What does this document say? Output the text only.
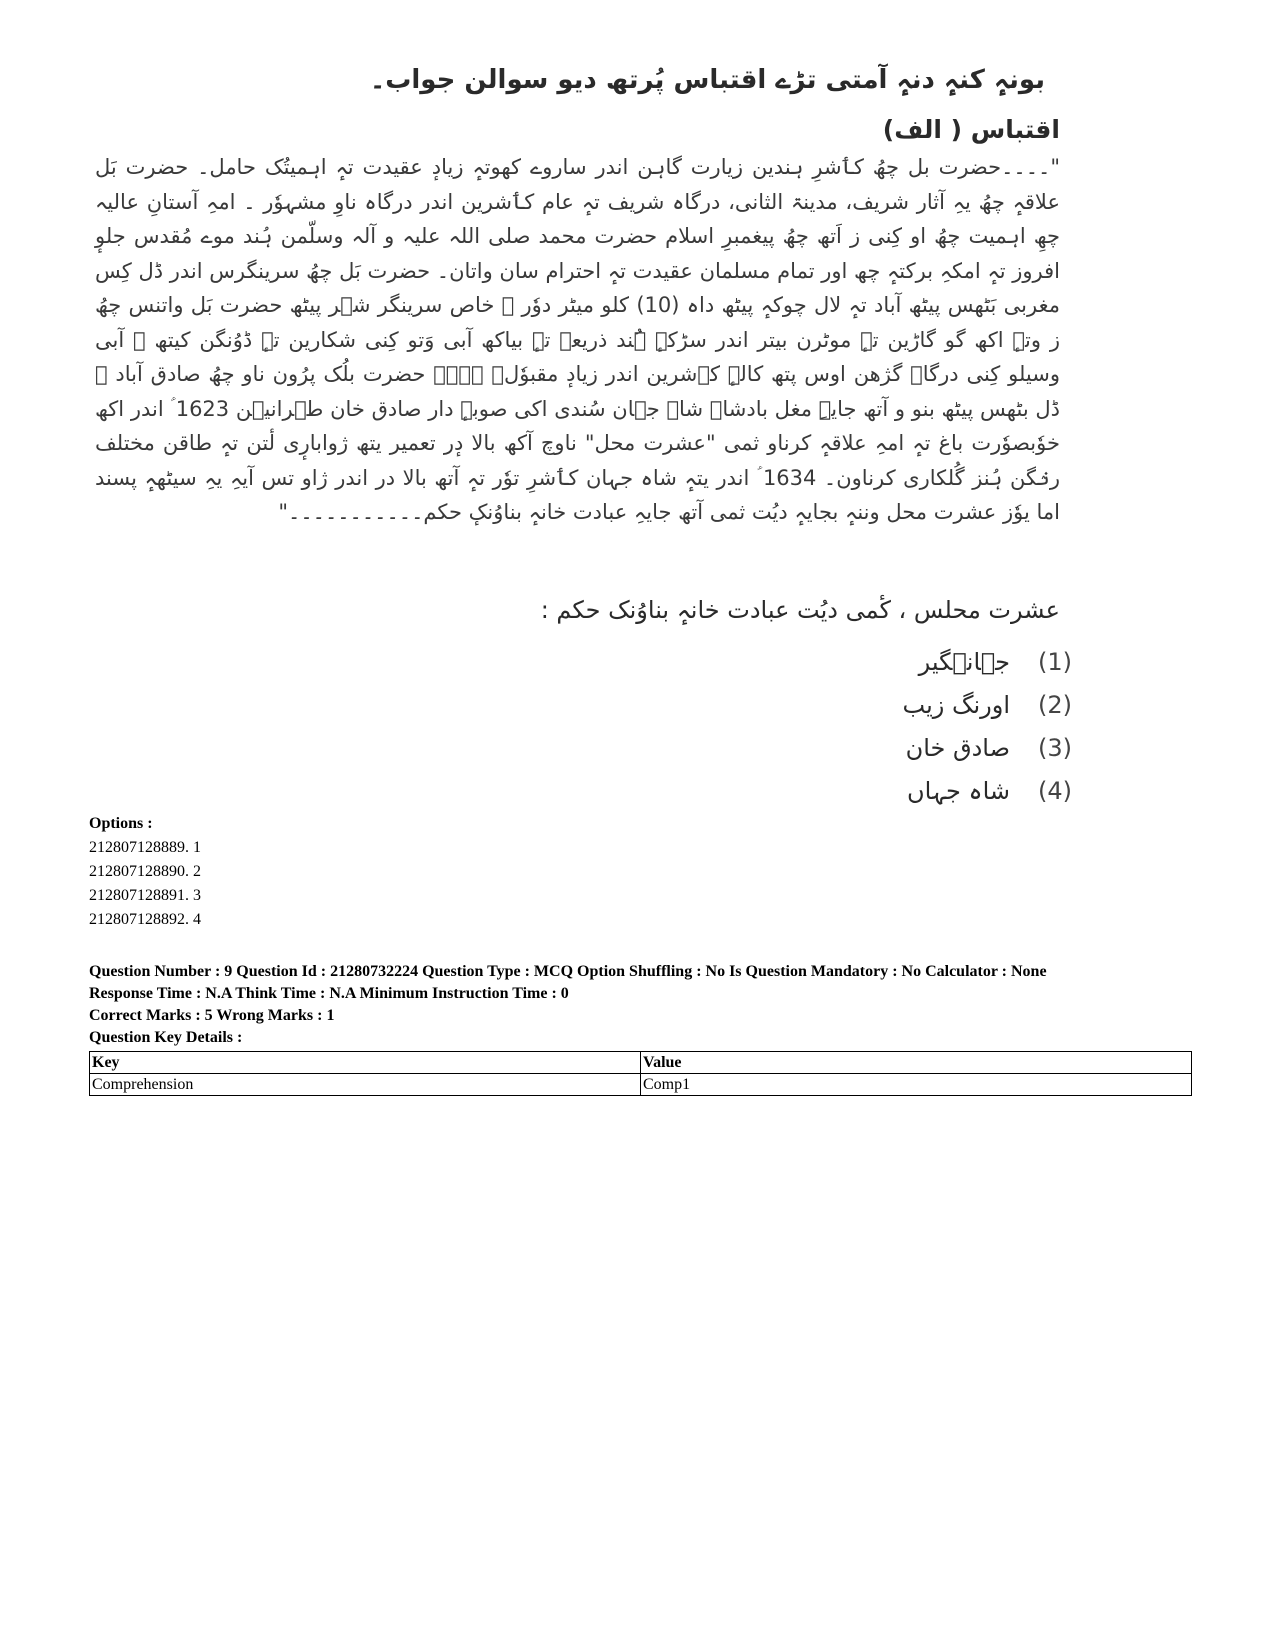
بونہٕ کنہٕ دنہٕ آمتی تڑے اقتباس پُرتھ دیو سوالن جواب۔
اقتباس ( الف)
"۔۔۔۔حضرت بل چھُ کٲشرِ ہندین زیارت گاہن اندر ساروے کھوتہٕ زیادٕ عقیدت تہٕ اہمیتُک حامل۔ حضرت بَل علاقہٕ چھُ یہِ آثار شریف، مدینۃ الثانی، درگاہ شریف تہٕ عام کٲشرین اندر درگاہ ناوِ مشہوٗر ۔ امہِ آستانِ عالیہ چھِ اہمیت چھُ او کِنی ز اَتھ چھُ پیغمبرِ اسلام حضرت محمد صلی اللہ علیہ و آلہ وسلّمن ہُند موے مُقدس جلوٕ افروز تہٕ امکہِ برکتہٕ چھ اور تمام مسلمان عقیدت تہٕ احترام سان واتان۔ حضرت بَل چھُ سرینگرس اندر ڈل کِس مغربی بَٹھس پیٹھ آباد تہٕ لال چوکہٕ پیٹھ داہ (10) کلو میٹر دوٗر ۔ خاص سرینگر شہر پیٹھ حضرت بَل واتنس چھُ ز وتہٕ اکھ گو گاڑین تہٕ موٹرن بیتر اندر سڑکہٕ ہُند ذریعہ تہٕ بیاکھ آبی وَتو کِنی شکارین تہٕ ڈوُنگن کیتھ ۔ آبی وسیلو کِنی درگاہ گژھن اوس پتھ کالہٕ کٲشرین اندر زیادٕ مقبوٗل۔ ۔۔۔۔ حضرت بلُک پرُون ناو چھُ صادق آباد ۔ ڈل بٹھس پیٹھ بنو و آتھ جایہِ مغل بادشاہ شاہ جہان سُندی اکی صوبہٕ دار صادق خان طہرانیٖن 1623 ؑ اندر اکھ خوٗبصوٗرت باغ تہٕ امہِ علاقہٕ کرناو ثمی "عشرت محل" ناوچ آکھ بالا دٕر تعمیر یتھ ژوابارٕی لٔتن تہٕ طاقن مختلف رنٛگن ہُنز گُلکاری کرناون۔ 1634 ؑ اندر یتہٕ شاہ جہان کٲشرِ توٗر تہٕ آتھ بالا در اندر ژاو تس آیہِ یہِ سیٹھہٕ پسند اما یوٗز عشرت محل وننہٕ بجایہٕ دیُت ثمی آتھ جایہِ عبادت خانہٕ بناوُنکٕ حکم۔۔۔۔۔۔۔۔۔۔۔"
عشرت محلس ، کٔمی دیُت عبادت خانہٕ بناوُنک حکم :
(1)
جہانٛگیر
(2)
اورنگ زیب
(3)
صادق خان
(4)
شاہ جہاں
Options :
212807128889. 1
212807128890. 2
212807128891. 3
212807128892. 4
Question Number : 9 Question Id : 21280732224 Question Type : MCQ Option Shuffling : No Is Question Mandatory : No Calculator : None
Response Time : N.A Think Time : N.A Minimum Instruction Time : 0
Correct Marks : 5 Wrong Marks : 1
Question Key Details :
Key	Value
Comprehension	Comp1
